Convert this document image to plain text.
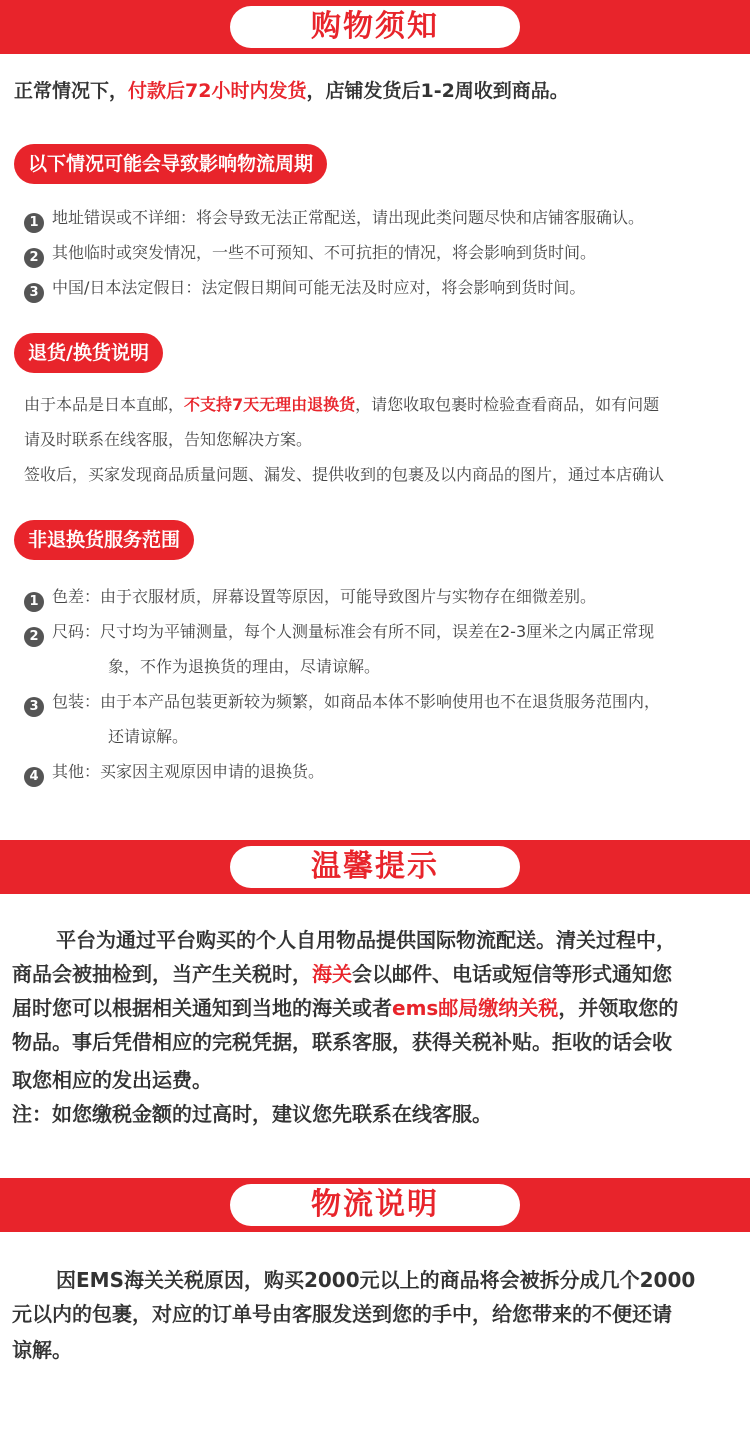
购物须知
正常情况下，付款后72小时内发货，店铺发货后1-2周收到商品。
以下情况可能会导致影响物流周期
1 地址错误或不详细：将会导致无法正常配送，请出现此类问题尽快和店铺客服确认。
2 其他临时或突发情况，一些不可预知、不可抗拒的情况，将会影响到货时间。
3 中国/日本法定假日：法定假日期间可能无法及时应对，将会影响到货时间。
退货/换货说明
由于本品是日本直邮，不支持7天无理由退换货，请您收取包裹时检验查看商品，如有问题
请及时联系在线客服，告知您解决方案。
签收后，买家发现商品质量问题、漏发、提供收到的包裹及以内商品的图片，通过本店确认
非退换货服务范围
1 色差：由于衣服材质，屏幕设置等原因，可能导致图片与实物存在细微差别。
2 尺码：尺寸均为平铺测量，每个人测量标准会有所不同，误差在2-3厘米之内属正常现
象，不作为退换货的理由，尽请谅解。
3 包装：由于本产品包装更新较为频繁，如商品本体不影响使用也不在退货服务范围内，
还请谅解。
4 其他：买家因主观原因申请的退换货。
温馨提示
平台为通过平台购买的个人自用物品提供国际物流配送。清关过程中，
商品会被抽检到，当产生关税时，海关会以邮件、电话或短信等形式通知您
届时您可以根据相关通知到当地的海关或者ems邮局缴纳关税，并领取您的
物品。事后凭借相应的完税凭据，联系客服，获得关税补贴。拒收的话会收
取您相应的发出运费。
注：如您缴税金额的过高时，建议您先联系在线客服。
物流说明
因EMS海关关税原因，购买2000元以上的商品将会被拆分成几个2000
元以内的包裹，对应的订单号由客服发送到您的手中，给您带来的不便还请
谅解。
